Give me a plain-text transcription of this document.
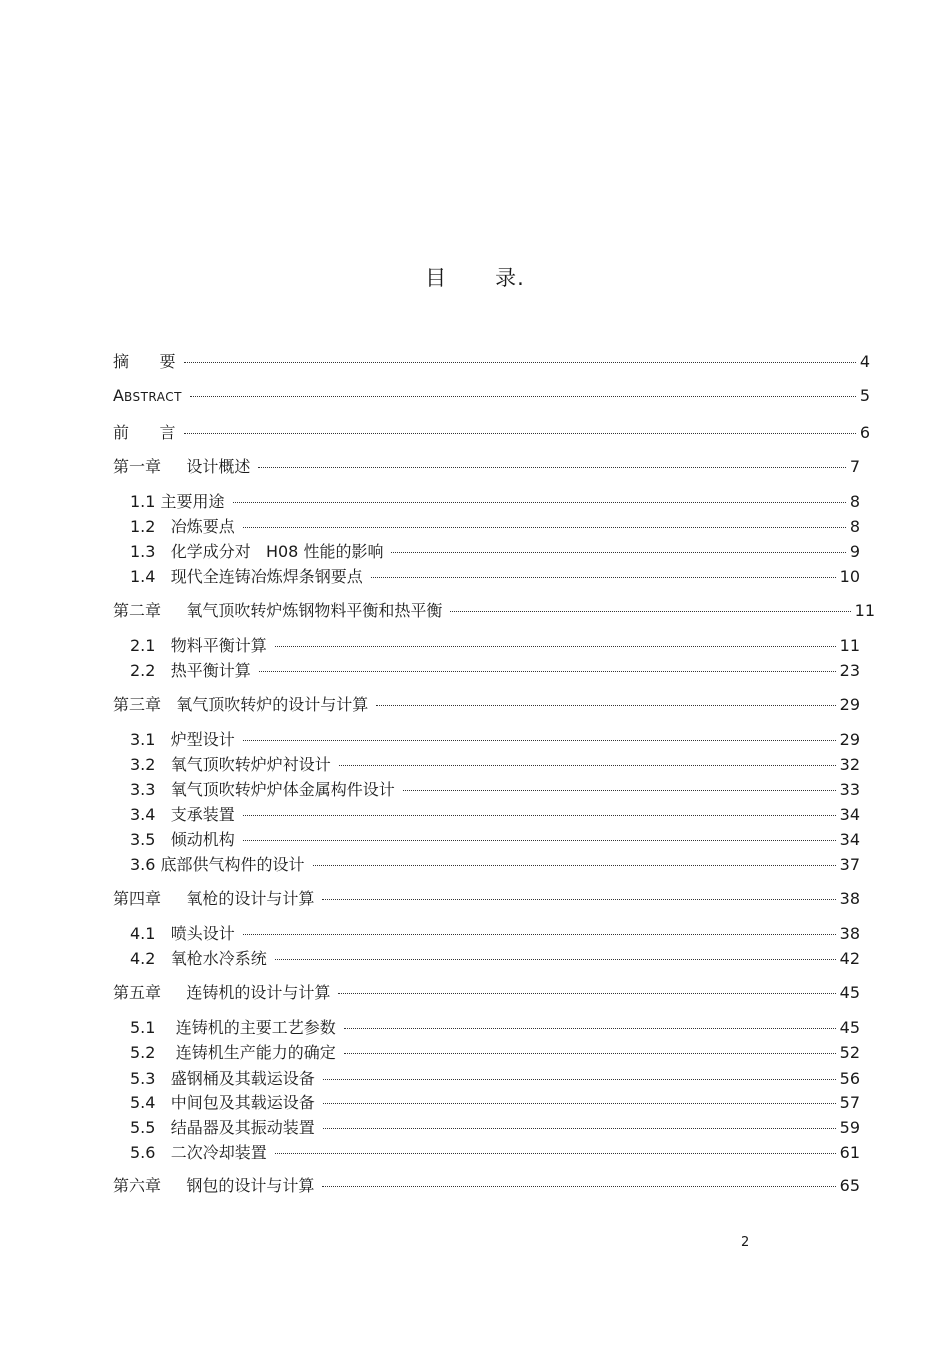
目 录.
摘      要	4
ABSTRACT	5
前      言	6
第一章     设计概述	7
1.1 主要用途	8
1.2   冶炼要点	8
1.3   化学成分对   H08 性能的影响	9
1.4   现代全连铸冶炼焊条钢要点	10
第二章     氧气顶吹转炉炼钢物料平衡和热平衡	11
2.1   物料平衡计算	11
2.2   热平衡计算	23
第三章   氧气顶吹转炉的设计与计算	29
3.1   炉型设计	29
3.2   氧气顶吹转炉炉衬设计	32
3.3   氧气顶吹转炉炉体金属构件设计	33
3.4   支承装置	34
3.5   倾动机构	34
3.6 底部供气构件的设计	37
第四章     氧枪的设计与计算	38
4.1   喷头设计	38
4.2   氧枪水冷系统	42
第五章     连铸机的设计与计算	45
5.1    连铸机的主要工艺参数	45
5.2    连铸机生产能力的确定	52
5.3   盛钢桶及其载运设备	56
5.4   中间包及其载运设备	57
5.5   结晶器及其振动装置	59
5.6   二次冷却装置	61
第六章     钢包的设计与计算	65
2
